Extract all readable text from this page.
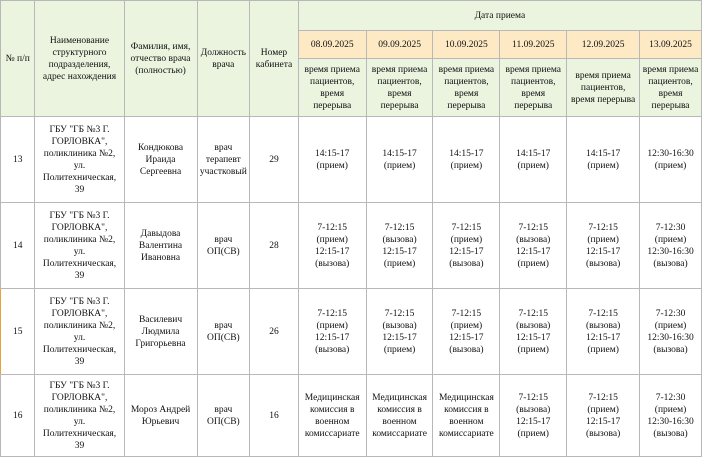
№ п/п	Наименование структурного подразделения, адрес нахождения	Фамилия, имя, отчество врача (полностью)	Должность врача	Номер кабинета	Дата приема					
					08.09.2025	09.09.2025	10.09.2025	11.09.2025	12.09.2025	13.09.2025
					время приема пациентов, время перерыва	время приема пациентов, время перерыва	время приема пациентов, время перерыва	время приема пациентов, время перерыва	время приема пациентов, время перерыва	время приема пациентов, время перерыва
13	ГБУ "ГБ №3 Г. ГОРЛОВКА", поликлиника №2, ул. Политехническая, 39	Кондюкова Ираида Сергеевна	врач терапевт участковый	29	14:15-17
(прием)	14:15-17
(прием)	14:15-17
(прием)	14:15-17
(прием)	14:15-17
(прием)	12:30-16:30
(прием)
14	ГБУ "ГБ №3 Г. ГОРЛОВКА", поликлиника №2, ул. Политехническая, 39	Давыдова Валентина Ивановна	врач ОП(СВ)	28	7-12:15
(прием)
12:15-17
(вызова)	7-12:15
(вызова)
12:15-17
(прием)	7-12:15
(прием)
12:15-17
(вызова)	7-12:15
(вызова)
12:15-17
(прием)	7-12:15
(прием)
12:15-17
(вызова)	7-12:30
(прием)
12:30-16:30
(вызова)
15	ГБУ "ГБ №3 Г. ГОРЛОВКА", поликлиника №2, ул. Политехническая, 39	Василевич Людмила Григорьевна	врач ОП(СВ)	26	7-12:15
(прием)
12:15-17
(вызова)	7-12:15
(вызова)
12:15-17
(прием)	7-12:15
(прием)
12:15-17
(вызова)	7-12:15
(вызова)
12:15-17
(прием)	7-12:15
(вызова)
12:15-17
(прием)	7-12:30
(прием)
12:30-16:30
(вызова)
16	ГБУ "ГБ №3 Г. ГОРЛОВКА", поликлиника №2, ул. Политехническая, 39	Мороз Андрей Юрьевич	врач ОП(СВ)	16	Медицинская комиссия в военном комиссариате	Медицинская комиссия в военном комиссариате	Медицинская комиссия в военном комиссариате	7-12:15
(вызова)
12:15-17
(прием)	7-12:15
(прием)
12:15-17
(вызова)	7-12:30
(прием)
12:30-16:30
(вызова)
